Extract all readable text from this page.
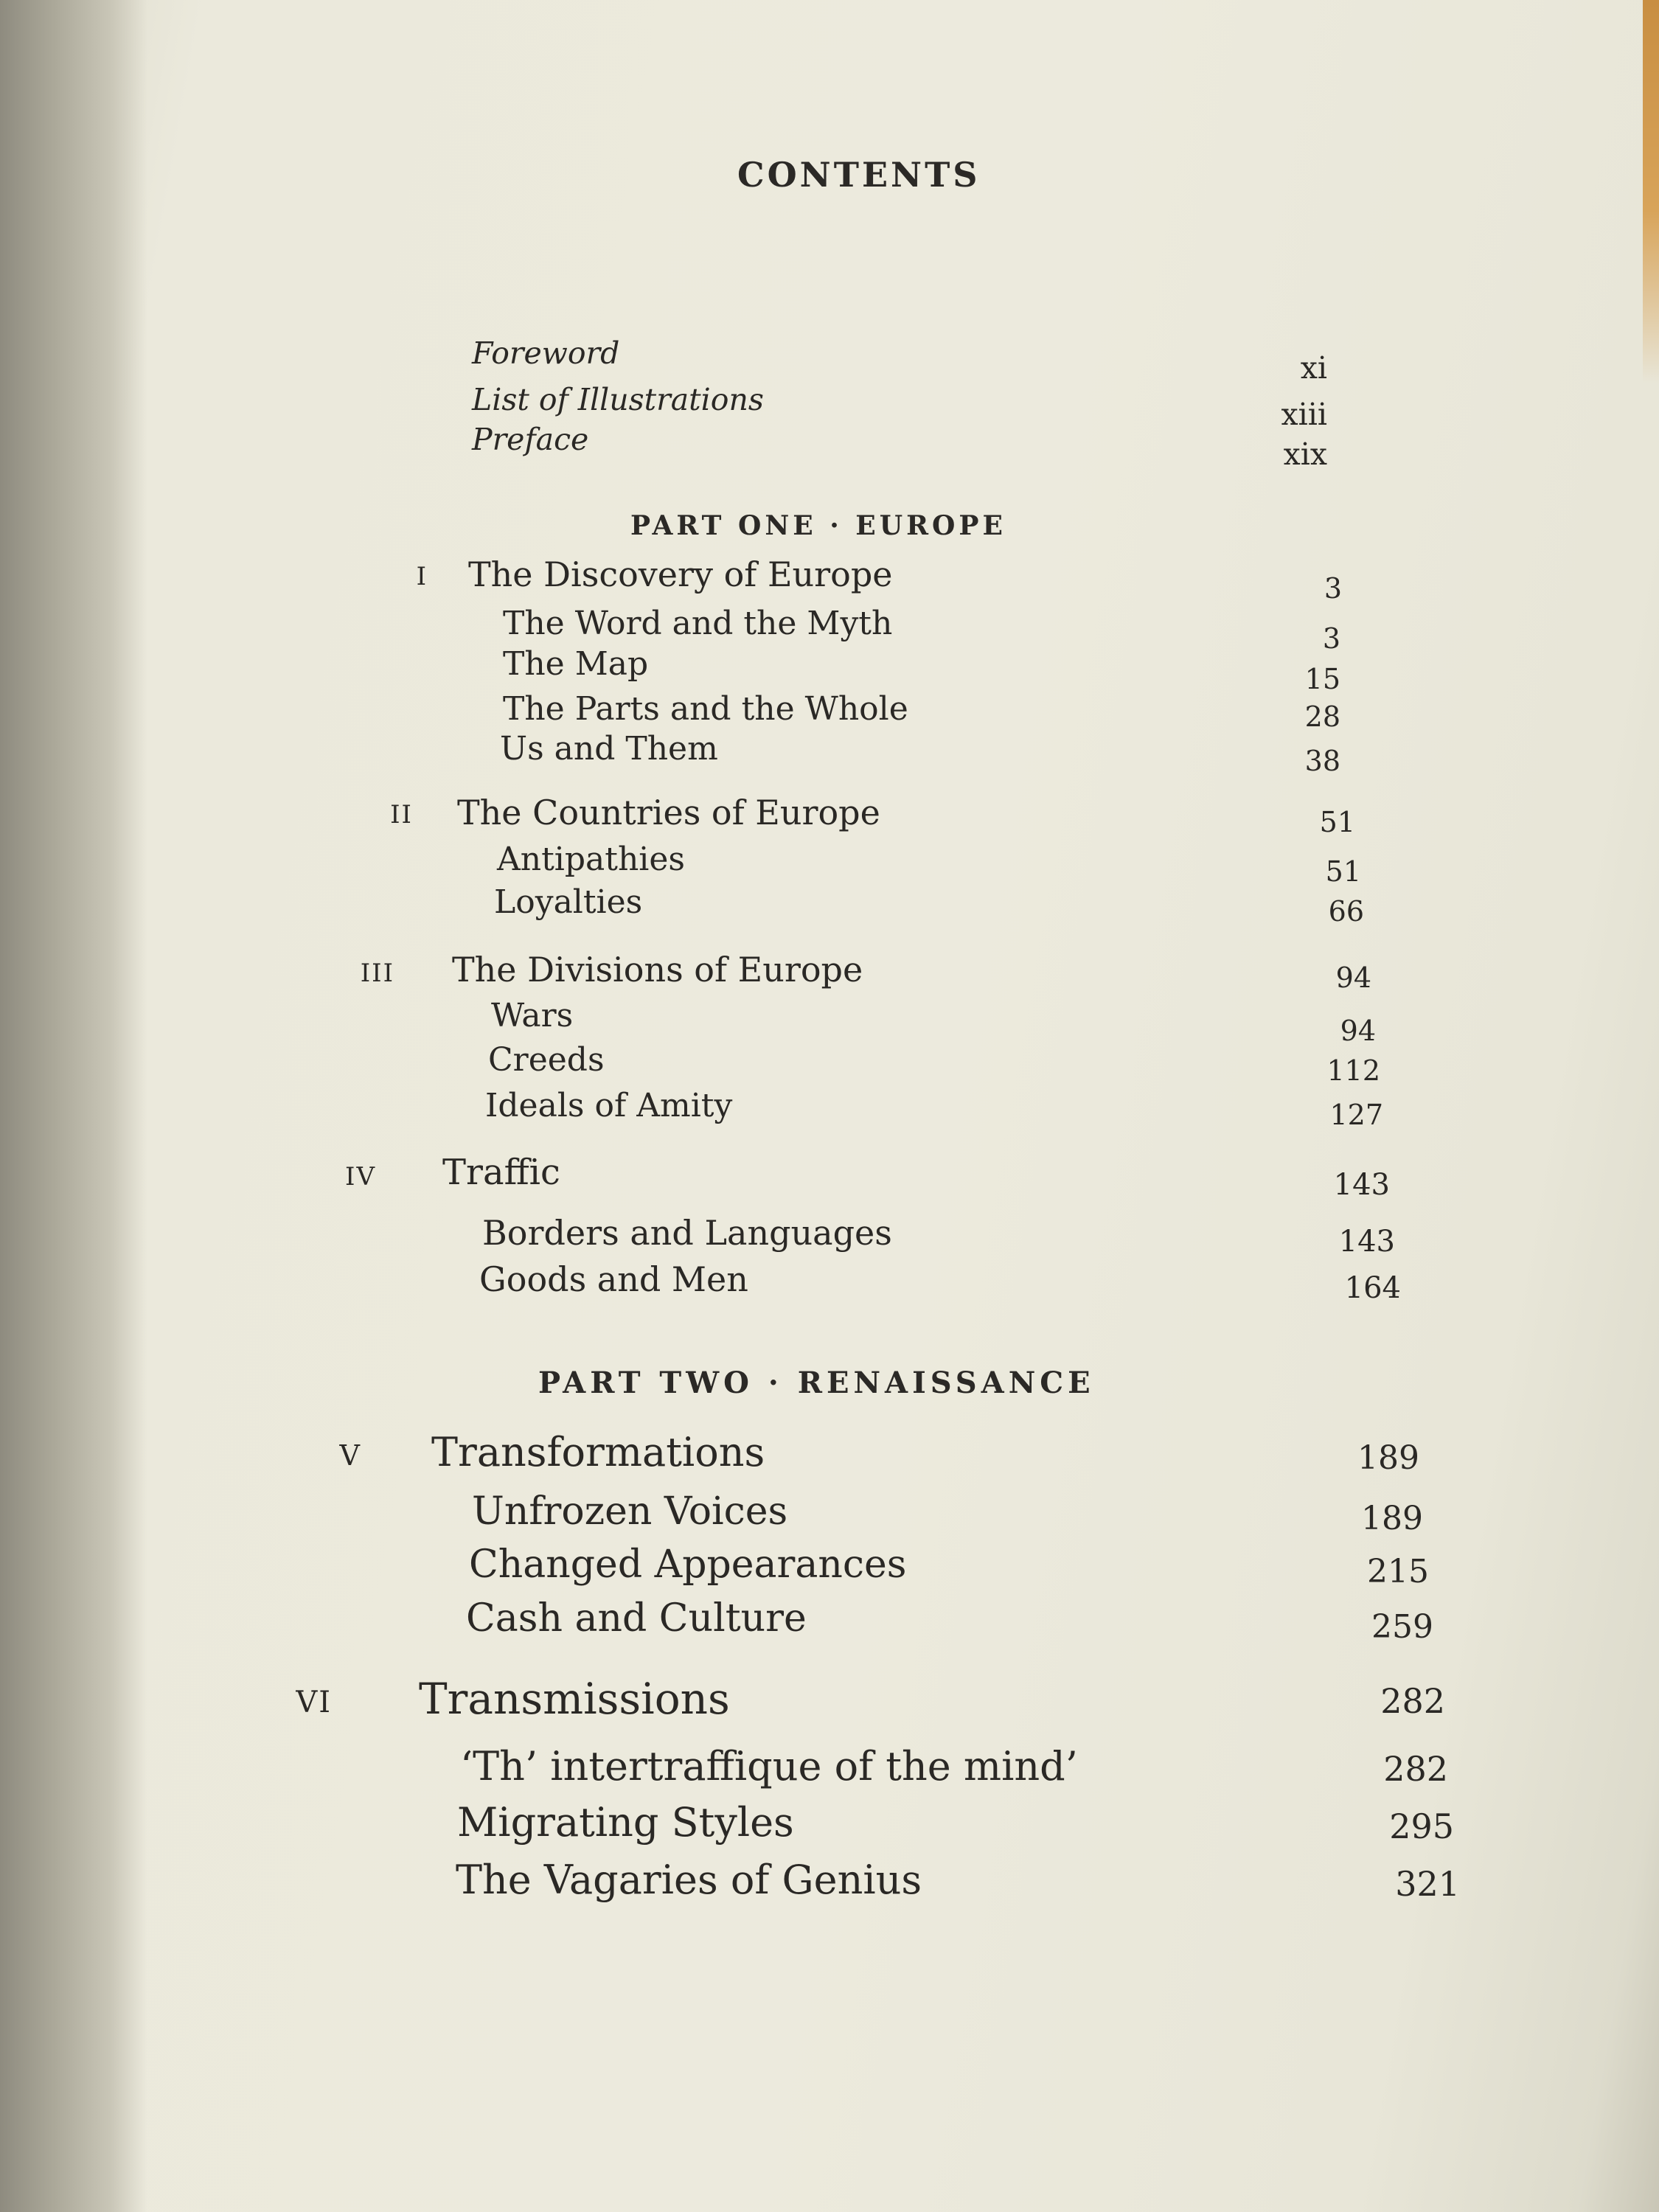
CONTENTS
Foreword	xi
List of Illustrations	xiii
Preface	xix
PART ONE · EUROPE
I The Discovery of Europe	3
The Word and the Myth	3
The Map	15
The Parts and the Whole	28
Us and Them	38
II The Countries of Europe	51
Antipathies	51
Loyalties	66
III The Divisions of Europe	94
Wars	94
Creeds	112
Ideals of Amity	127
IV Traffic	143
Borders and Languages	143
Goods and Men	164
PART TWO · RENAISSANCE
V Transformations	189
Unfrozen Voices	189
Changed Appearances	215
Cash and Culture	259
VI Transmissions	282
‘Th’ intertraffique of the mind’	282
Migrating Styles	295
The Vagaries of Genius	321
